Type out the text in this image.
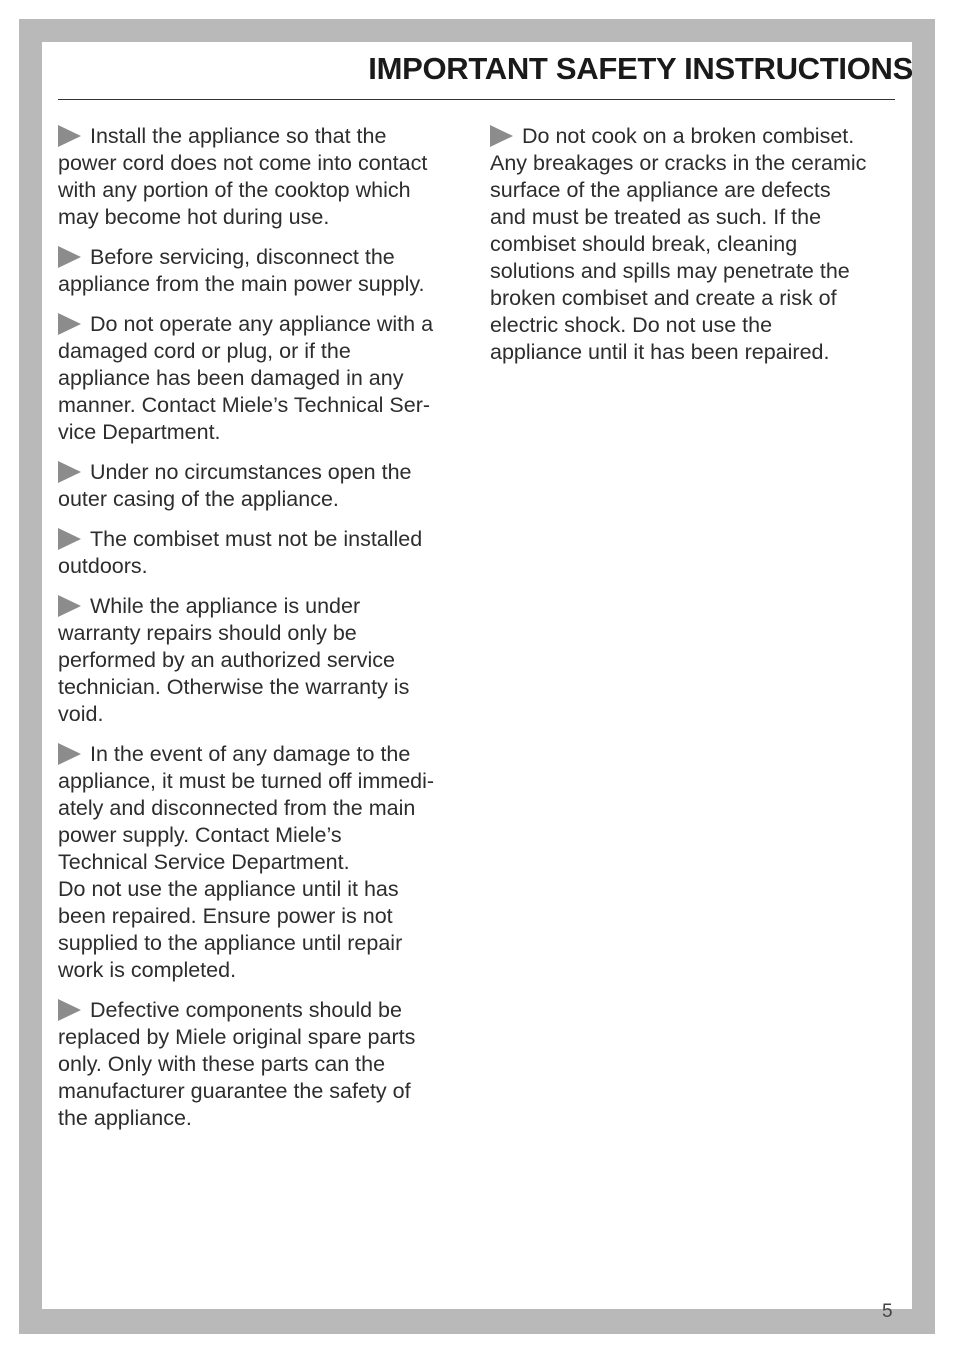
IMPORTANT SAFETY INSTRUCTIONS

Install the appliance so that the
power cord does not come into contact
with any portion of the cooktop which
may become hot during use.

Before servicing, disconnect the
appliance from the main power supply.

Do not operate any appliance with a
damaged cord or plug, or if the
appliance has been damaged in any
manner. Contact Miele’s Technical Ser-
vice Department.

Under no circumstances open the
outer casing of the appliance.

The combiset must not be installed
outdoors.

While the appliance is under
warranty repairs should only be
performed by an authorized service
technician. Otherwise the warranty is
void.

In the event of any damage to the
appliance, it must be turned off immedi-
ately and disconnected from the main
power supply. Contact Miele’s
Technical Service Department.
Do not use the appliance until it has
been repaired. Ensure power is not
supplied to the appliance until repair
work is completed.

Defective components should be
replaced by Miele original spare parts
only. Only with these parts can the
manufacturer guarantee the safety of
the appliance.

Do not cook on a broken combiset.
Any breakages or cracks in the ceramic
surface of the appliance are defects
and must be treated as such. If the
combiset should break, cleaning
solutions and spills may penetrate the
broken combiset and create a risk of
electric shock. Do not use the
appliance until it has been repaired.

5
